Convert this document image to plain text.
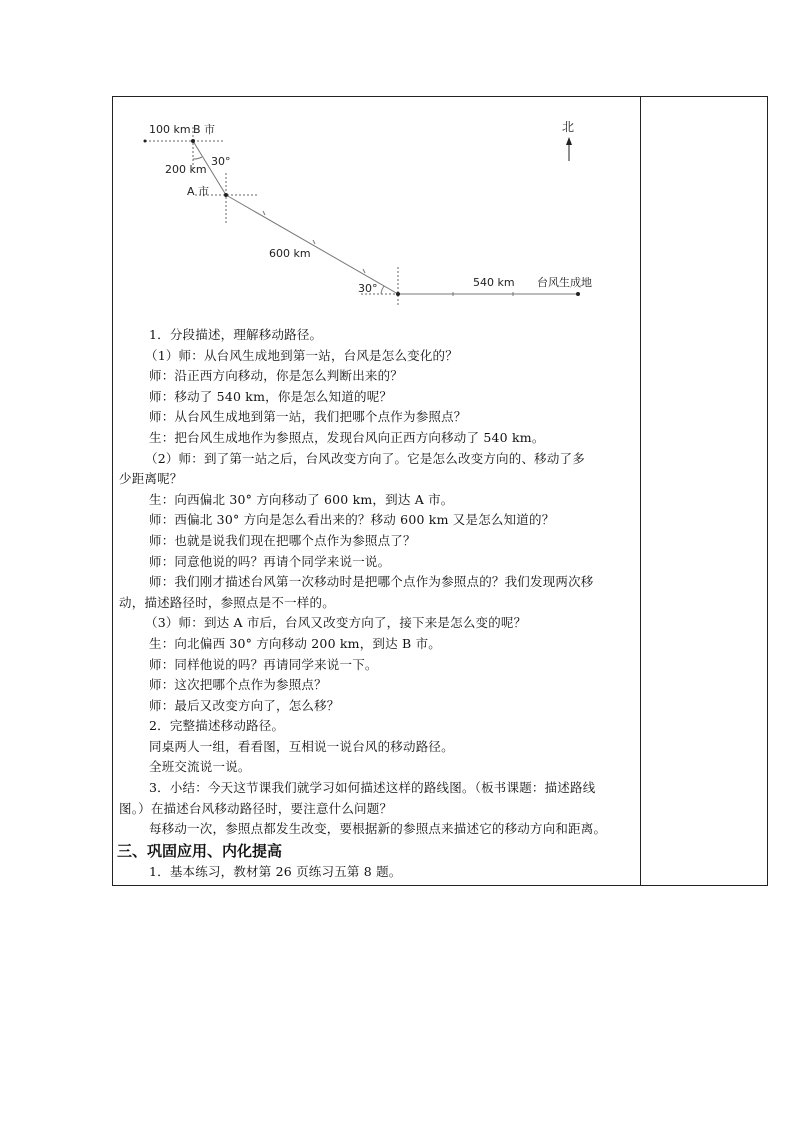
100 km B 市
30°
200 km
A 市
600 km
30°	540 km 台风生成地
北
1．分段描述，理解移动路径。
（1）师：从台风生成地到第一站，台风是怎么变化的？
师：沿正西方向移动，你是怎么判断出来的？
师：移动了 540 km，你是怎么知道的呢？
师：从台风生成地到第一站，我们把哪个点作为参照点？
生：把台风生成地作为参照点，发现台风向正西方向移动了 540 km。
（2）师：到了第一站之后，台风改变方向了。它是怎么改变方向的、移动了多
少距离呢？
生：向西偏北 30° 方向移动了 600 km，到达 A 市。
师：西偏北 30° 方向是怎么看出来的？移动 600 km 又是怎么知道的？
师：也就是说我们现在把哪个点作为参照点了？
师：同意他说的吗？再请个同学来说一说。
师：我们刚才描述台风第一次移动时是把哪个点作为参照点的？我们发现两次移
动，描述路径时，参照点是不一样的。
（3）师：到达 A 市后，台风又改变方向了，接下来是怎么变的呢？
生：向北偏西 30° 方向移动 200 km，到达 B 市。
师：同样他说的吗？再请同学来说一下。
师：这次把哪个点作为参照点？
师：最后又改变方向了，怎么移？
2．完整描述移动路径。
同桌两人一组，看看图，互相说一说台风的移动路径。
全班交流说一说。
3．小结：今天这节课我们就学习如何描述这样的路线图。（板书课题：描述路线
图。）在描述台风移动路径时，要注意什么问题？
每移动一次，参照点都发生改变，要根据新的参照点来描述它的移动方向和距离。
三、巩固应用、内化提高
1．基本练习，教材第 26 页练习五第 8 题。
